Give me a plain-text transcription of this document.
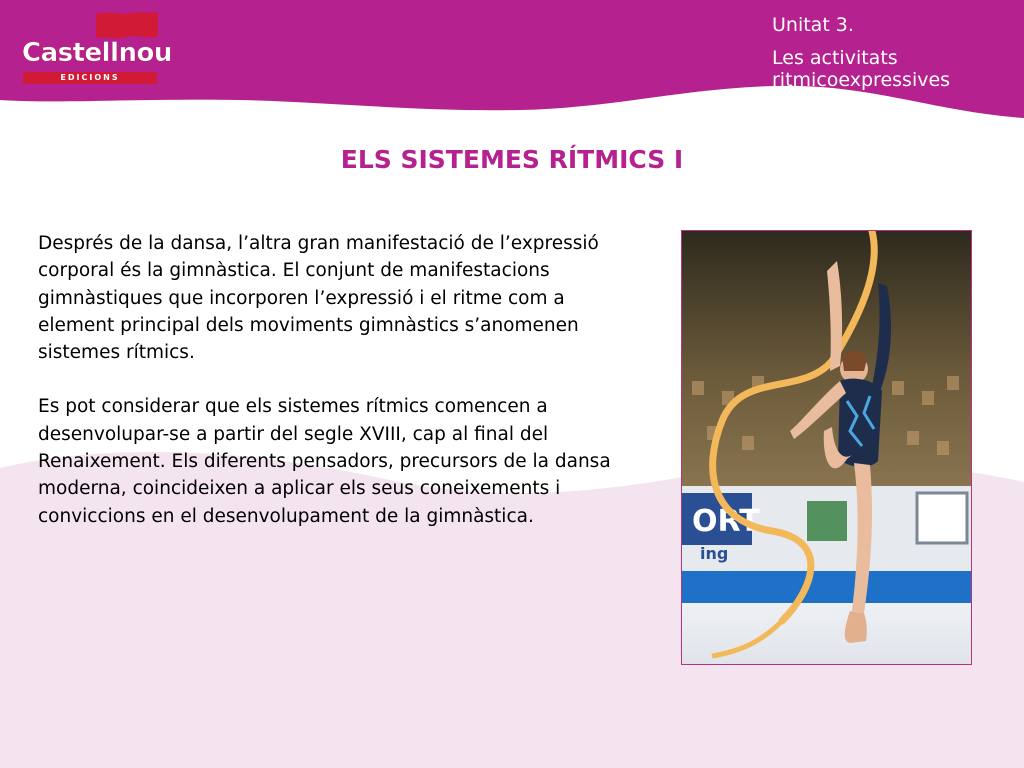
Castellnou
EDICIONS

Unitat 3.

Les activitats
ritmicoexpressives

ELS SISTEMES RÍTMICS I

Després de la dansa, l’altra gran manifestació de l’expressió corporal és la gimnàstica. El conjunt de manifestacions gimnàstiques que incorporen l’expressió i el ritme com a element principal dels moviments gimnàstics s’anomenen sistemes rítmics.

Es pot considerar que els sistemes rítmics comencen a desenvolupar-se a partir del segle XVIII, cap al final del Renaixement. Els diferents pensadors, precursors de la dansa moderna, coincideixen a aplicar els seus coneixements i conviccions en el desenvolupament de la gimnàstica.	ORT
ing
